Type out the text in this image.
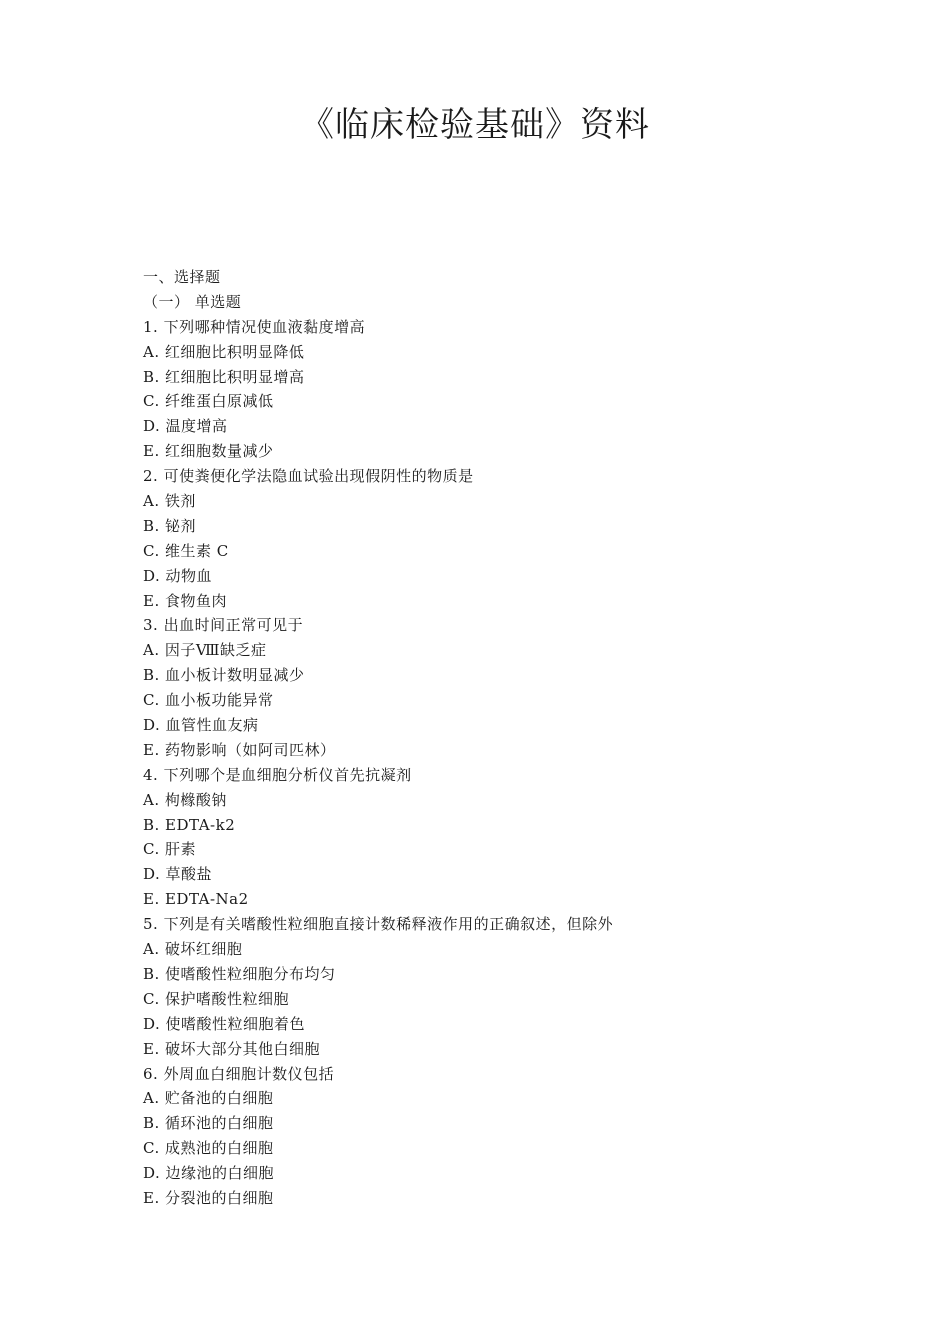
《临床检验基础》资料
一、选择题
（一） 单选题
1. 下列哪种情况使血液黏度增高
A. 红细胞比积明显降低
B. 红细胞比积明显增高
C. 纤维蛋白原减低
D. 温度增高
E. 红细胞数量减少
2. 可使粪便化学法隐血试验出现假阴性的物质是
A. 铁剂
B. 铋剂
C. 维生素 C
D. 动物血
E. 食物鱼肉
3. 出血时间正常可见于
A. 因子Ⅷ缺乏症
B. 血小板计数明显减少
C. 血小板功能异常
D. 血管性血友病
E. 药物影响（如阿司匹林）
4. 下列哪个是血细胞分析仪首先抗凝剂
A. 枸橼酸钠
B. EDTA-k2
C. 肝素
D. 草酸盐
E. EDTA-Na2
5. 下列是有关嗜酸性粒细胞直接计数稀释液作用的正确叙述，但除外
A. 破坏红细胞
B. 使嗜酸性粒细胞分布均匀
C. 保护嗜酸性粒细胞
D. 使嗜酸性粒细胞着色
E. 破坏大部分其他白细胞
6. 外周血白细胞计数仪包括
A. 贮备池的白细胞
B. 循环池的白细胞
C. 成熟池的白细胞
D. 边缘池的白细胞
E. 分裂池的白细胞
